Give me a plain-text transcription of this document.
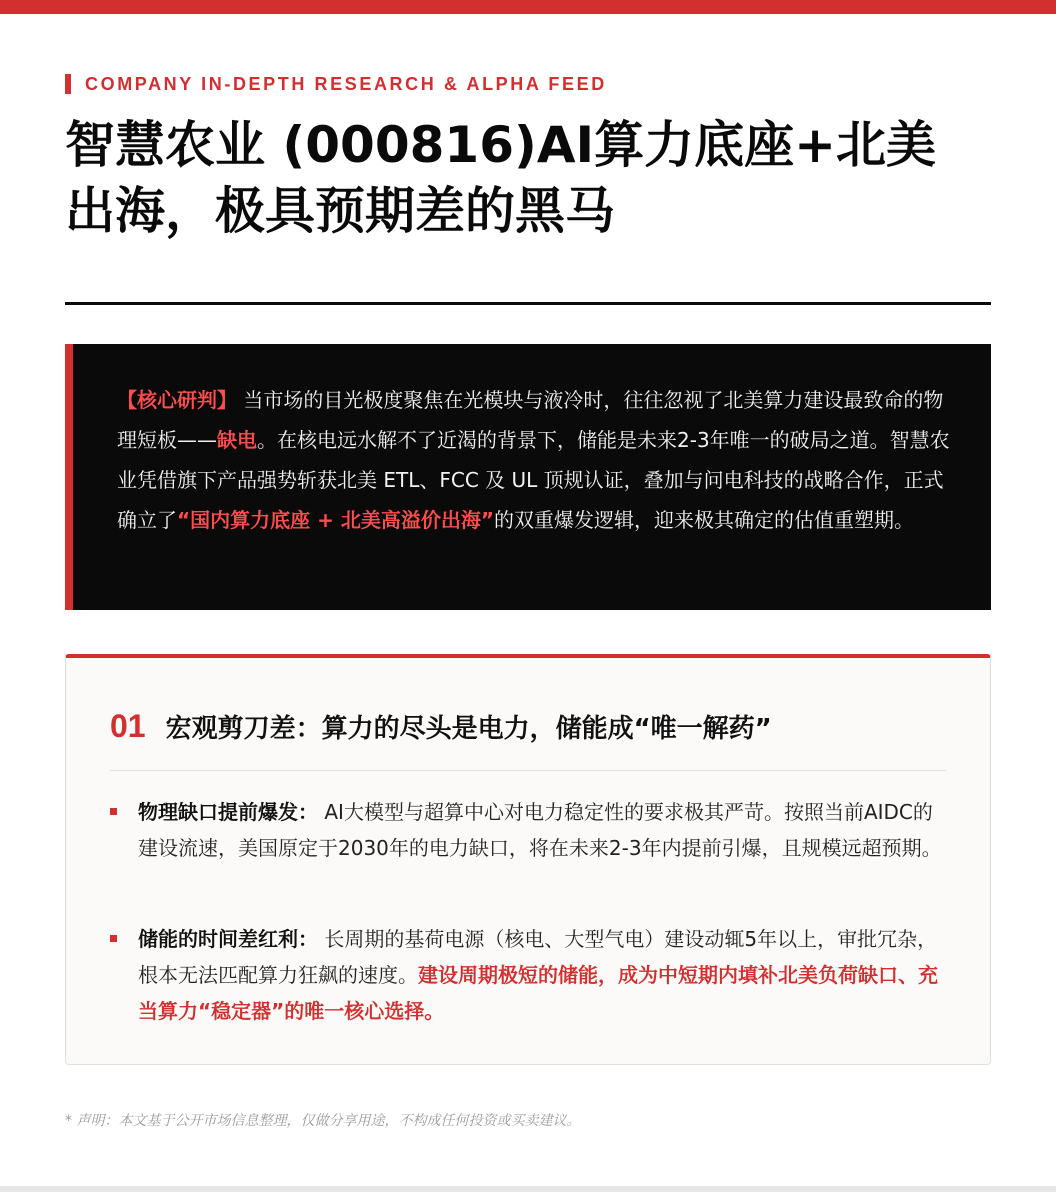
COMPANY IN-DEPTH RESEARCH & ALPHA FEED
智慧农业 (000816)AI算力底座+北美出海，极具预期差的黑马

【核心研判】 当市场的目光极度聚焦在光模块与液冷时，往往忽视了北美算力建设最致命的物理短板——缺电。在核电远水解不了近渴的背景下，储能是未来2-3年唯一的破局之道。智慧农业凭借旗下产品强势斩获北美 ETL、FCC 及 UL 顶规认证，叠加与问电科技的战略合作，正式确立了“国内算力底座 + 北美高溢价出海”的双重爆发逻辑，迎来极其确定的估值重塑期。

01 宏观剪刀差：算力的尽头是电力，储能成“唯一解药”

物理缺口提前爆发： AI大模型与超算中心对电力稳定性的要求极其严苛。按照当前AIDC的建设流速，美国原定于2030年的电力缺口，将在未来2-3年内提前引爆，且规模远超预期。

储能的时间差红利： 长周期的基荷电源（核电、大型气电）建设动辄5年以上，审批冗杂，根本无法匹配算力狂飙的速度。建设周期极短的储能，成为中短期内填补北美负荷缺口、充当算力“稳定器”的唯一核心选择。

* 声明：本文基于公开市场信息整理，仅做分享用途，不构成任何投资或买卖建议。
